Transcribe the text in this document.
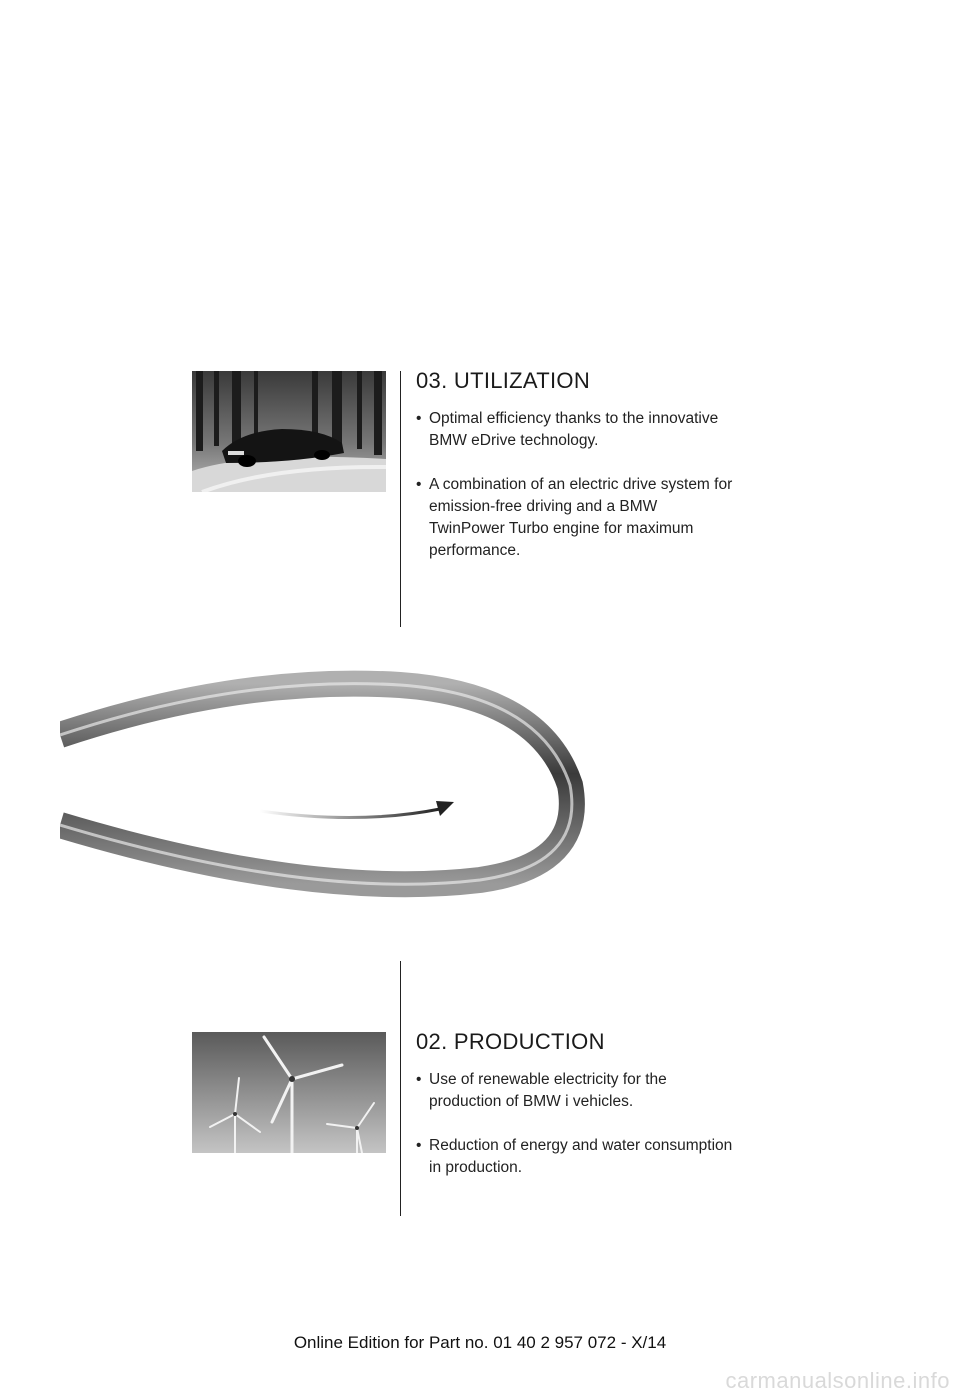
03. UTILIZATION
• Optimal efficiency thanks to the innovative BMW eDrive technology.
• A combination of an electric drive system for emission-free driving and a BMW TwinPower Turbo engine for maximum performance.
02. PRODUCTION
• Use of renewable electricity for the production of BMW i vehicles.
• Reduction of energy and water consumption in production.
Online Edition for Part no. 01 40 2 957 072 - X/14
carmanualsonline.info
